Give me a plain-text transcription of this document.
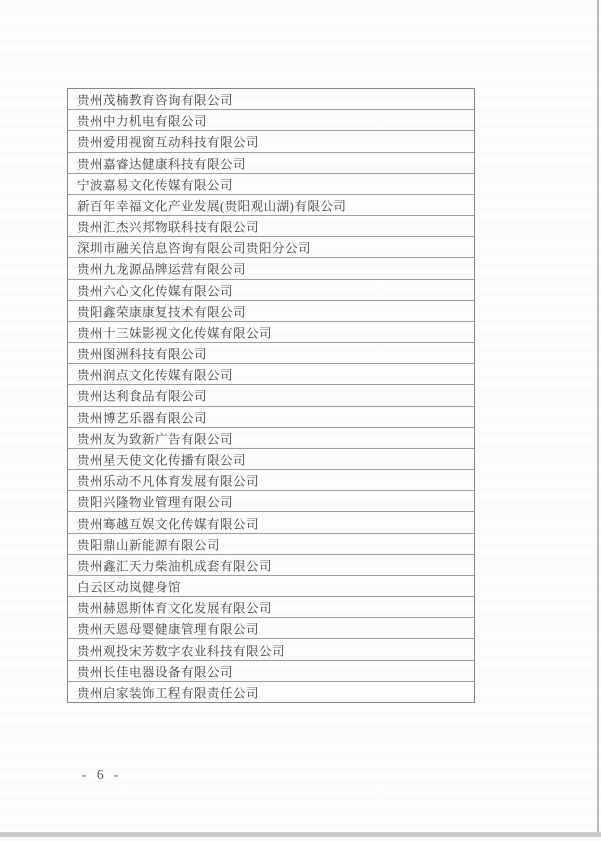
贵州茂楠教育咨询有限公司
贵州中力机电有限公司
贵州爱用视窗互动科技有限公司
贵州嘉睿达健康科技有限公司
宁波嘉易文化传媒有限公司
新百年幸福文化产业发展(贵阳观山湖)有限公司
贵州汇杰兴邦物联科技有限公司
深圳市融关信息咨询有限公司贵阳分公司
贵州九龙源品牌运营有限公司
贵州六心文化传媒有限公司
贵阳鑫荣康康复技术有限公司
贵州十三妹影视文化传媒有限公司
贵州图洲科技有限公司
贵州润点文化传媒有限公司
贵州达利食品有限公司
贵州博艺乐器有限公司
贵州友为致新广告有限公司
贵州星天使文化传播有限公司
贵州乐动不凡体育发展有限公司
贵阳兴隆物业管理有限公司
贵州骞越互娱文化传媒有限公司
贵阳鼎山新能源有限公司
贵州鑫汇天力柴油机成套有限公司
白云区动岚健身馆
贵州赫恩斯体育文化发展有限公司
贵州天恩母婴健康管理有限公司
贵州观投宋芳数字农业科技有限公司
贵州长佳电器设备有限公司
贵州启家装饰工程有限责任公司
- 6 -
